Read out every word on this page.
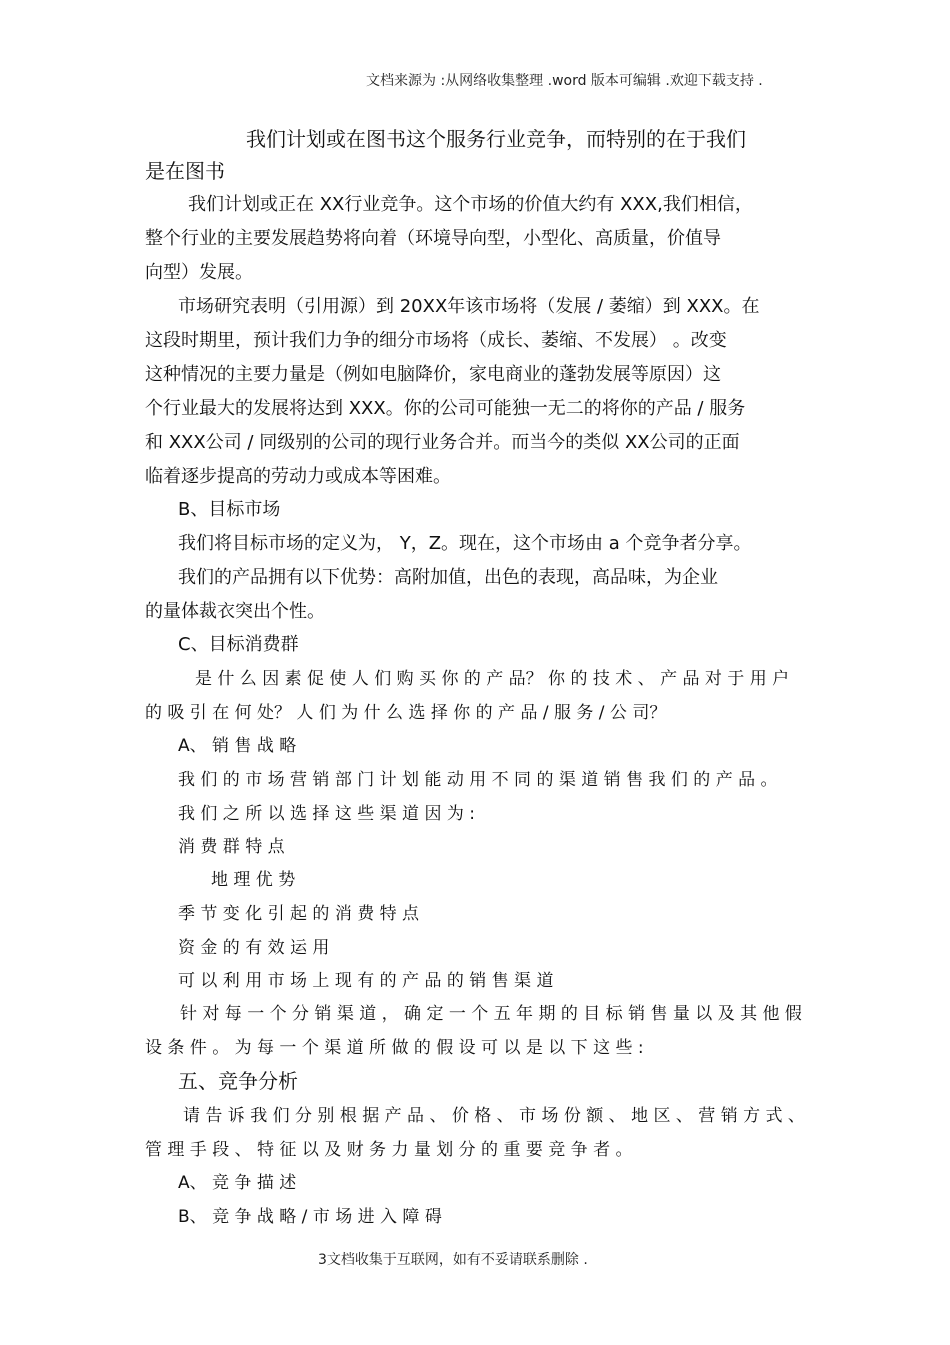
文档来源为 :从网络收集整理 .word 版本可编辑 .欢迎下载支持 .
我们计划或在图书这个服务行业竞争，而特别的在于我们
是在图书
我们计划或正在 XX行业竞争。这个市场的价值大约有 XXX,我们相信，
整个行业的主要发展趋势将向着（环境导向型，小型化、高质量，价值导
向型）发展。
市场研究表明（引用源）到 20XX年该市场将（发展 / 萎缩）到 XXX。在
这段时期里，预计我们力争的细分市场将（成长、萎缩、不发展） 。改变
这种情况的主要力量是（例如电脑降价，家电商业的蓬勃发展等原因）这
个行业最大的发展将达到 XXX。你的公司可能独一无二的将你的产品 / 服务
和 XXX公司 / 同级别的公司的现行业务合并。而当今的类似 XX公司的正面
临着逐步提高的劳动力或成本等困难。
B、目标市场
我们将目标市场的定义为， Y，Z。现在，这个市场由 a 个竞争者分享。
我们的产品拥有以下优势：高附加值，出色的表现，高品味，为企业
的量体裁衣突出个性。
C、目标消费群
是 什 么 因 素 促 使 人 们 购 买 你 的 产 品？ 你 的 技 术 、 产 品 对 于 用 户
的 吸 引 在 何 处？ 人 们 为 什 么 选 择 你 的 产 品 / 服 务 / 公 司？
A、 销 售 战 略
我 们 的 市 场 营 销 部 门 计 划 能 动 用 不 同 的 渠 道 销 售 我 们 的 产 品 。
我 们 之 所 以 选 择 这 些 渠 道 因 为 :
消 费 群 特 点
地 理 优 势
季 节 变 化 引 起 的 消 费 特 点
资 金 的 有 效 运 用
可 以 利 用 市 场 上 现 有 的 产 品 的 销 售 渠 道
针 对 每 一 个 分 销 渠 道 ， 确 定 一 个 五 年 期 的 目 标 销 售 量 以 及 其 他 假
设 条 件 。 为 每 一 个 渠 道 所 做 的 假 设 可 以 是 以 下 这 些 :
五、竞争分析
请 告 诉 我 们 分 别 根 据 产 品 、 价 格 、 市 场 份 额 、 地 区 、 营 销 方 式 、
管 理 手 段 、 特 征 以 及 财 务 力 量 划 分 的 重 要 竞 争 者 。
A、 竞 争 描 述
B、 竞 争 战 略 / 市 场 进 入 障 碍
3文档收集于互联网，如有不妥请联系删除 .
